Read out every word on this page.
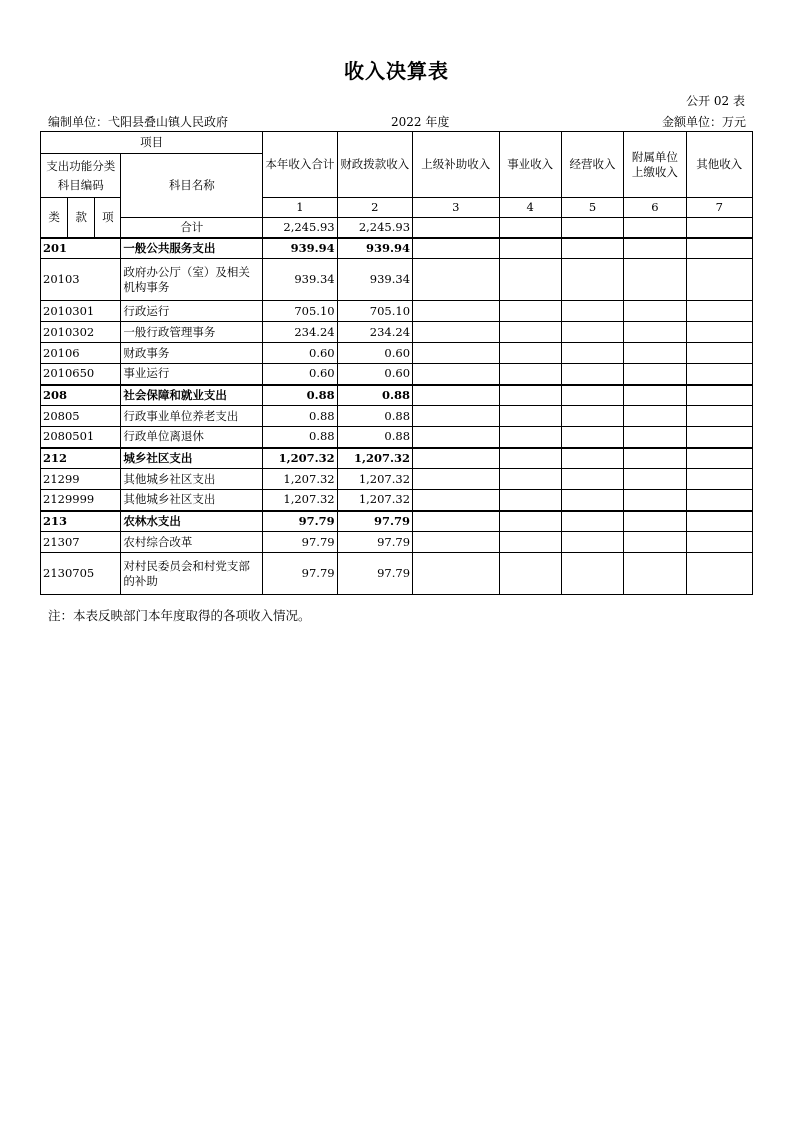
收入决算表
公开 02 表
编制单位：弋阳县叠山镇人民政府	2022 年度	金额单位：万元
项目				本年收入合计	财政拨款收入	上级补助收入	事业收入	经营收入	附属单位上缴收入	其他收入
支出功能分类科目编码			科目名称							
类	款	项		1	2	3	4	5	6	7
			合计	2,245.93	2,245.93					
201			一般公共服务支出	939.94	939.94					
20103			政府办公厅（室）及相关机构事务	939.34	939.34					
2010301			行政运行	705.10	705.10					
2010302			一般行政管理事务	234.24	234.24					
20106			财政事务	0.60	0.60					
2010650			事业运行	0.60	0.60					
208			社会保障和就业支出	0.88	0.88					
20805			行政事业单位养老支出	0.88	0.88					
2080501			行政单位离退休	0.88	0.88					
212			城乡社区支出	1,207.32	1,207.32					
21299			其他城乡社区支出	1,207.32	1,207.32					
2129999			其他城乡社区支出	1,207.32	1,207.32					
213			农林水支出	97.79	97.79					
21307			农村综合改革	97.79	97.79					
2130705			对村民委员会和村党支部的补助	97.79	97.79					
注：本表反映部门本年度取得的各项收入情况。
